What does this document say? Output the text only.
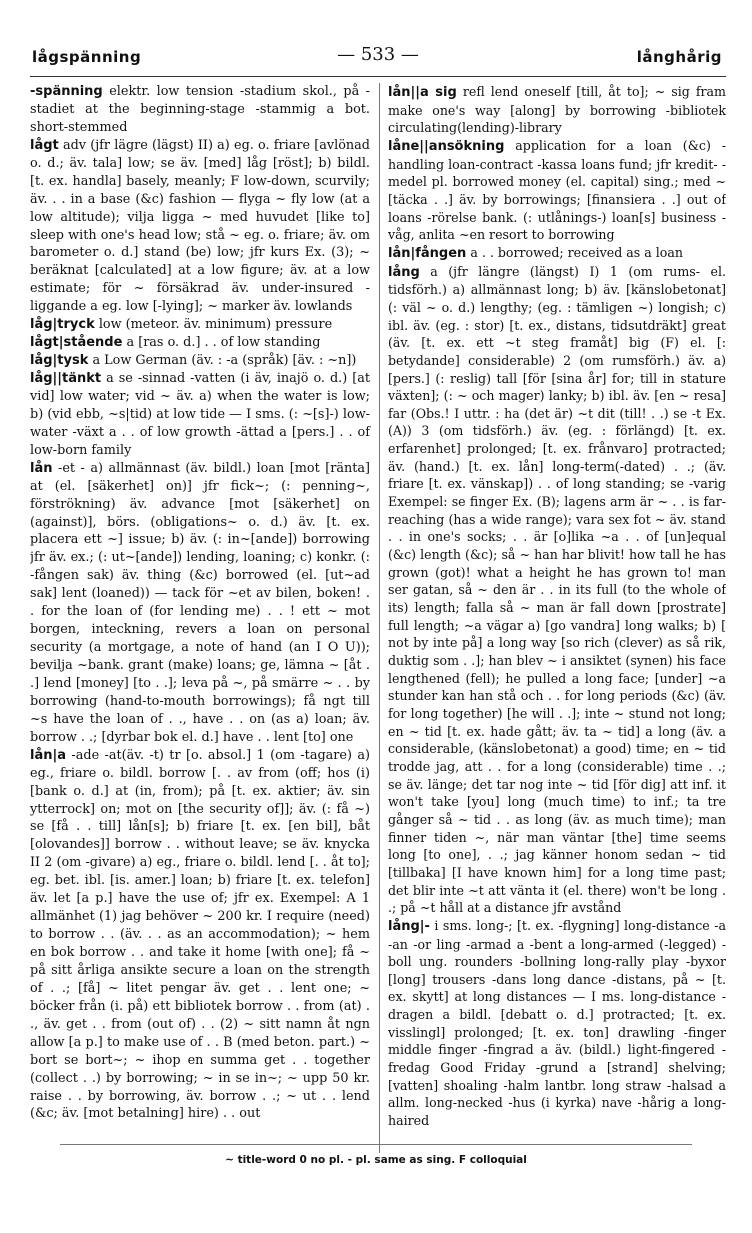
lågspänning	— 533 —	långhårig

-spänning elektr. low tension -stadium skol., på -stadiet at the beginning-stage -stammig a bot. short-stemmed

lågt adv (jfr lägre (lägst) II) a) eg. o. friare [avlönad o. d.; äv. tala] low; se äv. [med] låg [röst]; b) bildl. [t. ex. handla] basely, meanly; F low-down, scurvily; äv. . . in a base (&c) fashion — flyga ~ fly low (at a low altitude); vilja ligga ~ med huvudet [like to] sleep with one's head low; stå ~ eg. o. friare; äv. om barometer o. d.] stand (be) low; jfr kurs Ex. (3); ~ beräknat [calculated] at a low figure; äv. at a low estimate; för ~ försäkrad äv. under-insured -liggande a eg. low [-lying]; ~ marker äv. lowlands

låg|tryck low (meteor. äv. minimum) pressure

lågt|stående a [ras o. d.] . . of low standing

låg|tysk a Low German (äv. : -a (språk) [äv. : ~n])

låg||tänkt a se -sinnad -vatten (i äv, inajö o. d.) [at vid] low water; vid ~ äv. a) when the water is low; b) (vid ebb, ~s|tid) at low tide — I sms. (: ~[s]-) low-water -växt a . . of low growth -ättad a [pers.] . . of low-born family

lån -et - a) allmännast (äv. bildl.) loan [mot [ränta] at (el. [säkerhet] on)] jfr fick~; (: penning~, förströkning) äv. advance [mot [säkerhet] on (against)], börs. (obligations~ o. d.) äv. [t. ex. placera ett ~] issue; b) äv. (: in~[ande]) borrowing jfr äv. ex.; (: ut~[ande]) lending, loaning; c) konkr. (: -fången sak) äv. thing (&c) borrowed (el. [ut~ad sak] lent (loaned)) — tack för ~et av bilen, boken! . . for the loan of (for lending me) . . ! ett ~ mot borgen, inteckning, revers a loan on personal security (a mortgage, a note of hand (an I O U)); bevilja ~bank. grant (make) loans; ge, lämna ~ [åt . .] lend [money] [to . .]; leva på ~, på smärre ~ . . by borrowing (hand-to-mouth borrowings); få ngt till ~s have the loan of . ., have . . on (as a) loan; äv. borrow . .; [dyrbar bok el. d.] have . . lent [to] one

lån|a -ade -at(äv. -t) tr [o. absol.] 1 (om -tagare) a) eg., friare o. bildl. borrow [. . av from (off; hos (i) [bank o. d.] at (in, from); på [t. ex. aktier; äv. sin ytterrock] on; mot on [the security of]]; äv. (: få ~) se [få . . till] lån[s]; b) friare [t. ex. [en bil], båt [olovandes]] borrow . . without leave; se äv. knycka II 2 (om -givare) a) eg., friare o. bildl. lend [. . åt to]; eg. bet. ibl. [is. amer.] loan; b) friare [t. ex. telefon] äv. let [a p.] have the use of; jfr ex. Exempel: A 1 allmänhet (1) jag behöver ~ 200 kr. I require (need) to borrow . . (äv. . . as an accommodation); ~ hem en bok borrow . . and take it home [with one]; få ~ på sitt årliga ansikte secure a loan on the strength of . .; [få] ~ litet pengar äv. get . . lent one; ~ böcker från (i. på) ett bibliotek borrow . . from (at) . ., äv. get . . from (out of) . . (2) ~ sitt namn åt ngn allow [a p.] to make use of . . B (med beton. part.) ~ bort se bort~; ~ ihop en summa get . . together (collect . .) by borrowing; ~ in se in~; ~ upp 50 kr. raise . . by borrowing, äv. borrow . .; ~ ut . . lend (&c; äv. [mot betalning] hire) . . out

lån||a sig refl lend oneself [till, åt to]; ~ sig fram make one's way [along] by borrowing -bibliotek circulating(lending)-library

låne||ansökning application for a loan (&c) -handling loan-contract -kassa loans fund; jfr kredit- -medel pl. borrowed money (el. capital) sing.; med ~ [täcka . .] äv. by borrowings; [finansiera . .] out of loans -rörelse bank. (: utlånings-) loan[s] business -våg, anlita ~en resort to borrowing

lån|fången a . . borrowed; received as a loan

lång a (jfr längre (längst) I) 1 (om rums- el. tidsförh.) a) allmännast long; b) äv. [känslobetonat] (: väl ~ o. d.) lengthy; (eg. : tämligen ~) longish; c) ibl. äv. (eg. : stor) [t. ex., distans, tidsutdräkt] great (äv. [t. ex. ett ~t steg framåt] big (F) el. [: betydande] considerable) 2 (om rumsförh.) äv. a) [pers.] (: reslig) tall [för [sina år] for; till in stature växten]; (: ~ och mager) lanky; b) ibl. äv. [en ~ resa] far (Obs.! I uttr. : ha (det är) ~t dit (till! . .) se -t Ex. (A)) 3 (om tidsförh.) äv. (eg. : förlängd) [t. ex. erfarenhet] prolonged; [t. ex. frånvaro] protracted; äv. (hand.) [t. ex. lån] long-term(-dated) . .; (äv. friare [t. ex. vänskap]) . . of long standing; se -varig Exempel: se finger Ex. (B); lagens arm är ~ . . is far-reaching (has a wide range); vara sex fot ~ äv. stand . . in one's socks; . . är [o]lika ~a . . of [un]equal (&c) length (&c); så ~ han har blivit! how tall he has grown (got)! what a height he has grown to! man ser gatan, så ~ den är . . in its full (to the whole of its) length; falla så ~ man är fall down [prostrate] full length; ~a vägar a) [go vandra] long walks; b) [ not by inte på] a long way [so rich (clever) as så rik, duktig som . .]; han blev ~ i ansiktet (synen) his face lengthened (fell); he pulled a long face; [under] ~a stunder kan han stå och . . for long periods (&c) (äv. for long together) [he will . .]; inte ~ stund not long; en ~ tid [t. ex. hade gått; äv. ta ~ tid] a long (äv. a considerable, (känslobetonat) a good) time; en ~ tid trodde jag, att . . for a long (considerable) time . .; se äv. länge; det tar nog inte ~ tid [för dig] att inf. it won't take [you] long (much time) to inf.; ta tre gånger så ~ tid . . as long (äv. as much time); man finner tiden ~, när man väntar [the] time seems long [to one], . .; jag känner honom sedan ~ tid [tillbaka] [I have known him] for a long time past; det blir inte ~t att vänta it (el. there) won't be long . .; på ~t håll at a distance jfr avstånd

lång|- i sms. long-; [t. ex. -flygning] long-distance -a -an -or ling -armad a -bent a long-armed (-legged) -boll ung. rounders -bollning long-rally play -byxor [long] trousers -dans long dance -distans, på ~ [t. ex. skytt] at long distances — I ms. long-distance -dragen a bildl. [debatt o. d.] protracted; [t. ex. visslingl] prolonged; [t. ex. ton] drawling -finger middle finger -fingrad a äv. (bildl.) light-fingered -fredag Good Friday -grund a [strand] shelving; [vatten] shoaling -halm lantbr. long straw -halsad a allm. long-necked -hus (i kyrka) nave -hårig a long-haired

~ title-word 0 no pl. - pl. same as sing. F colloquial
